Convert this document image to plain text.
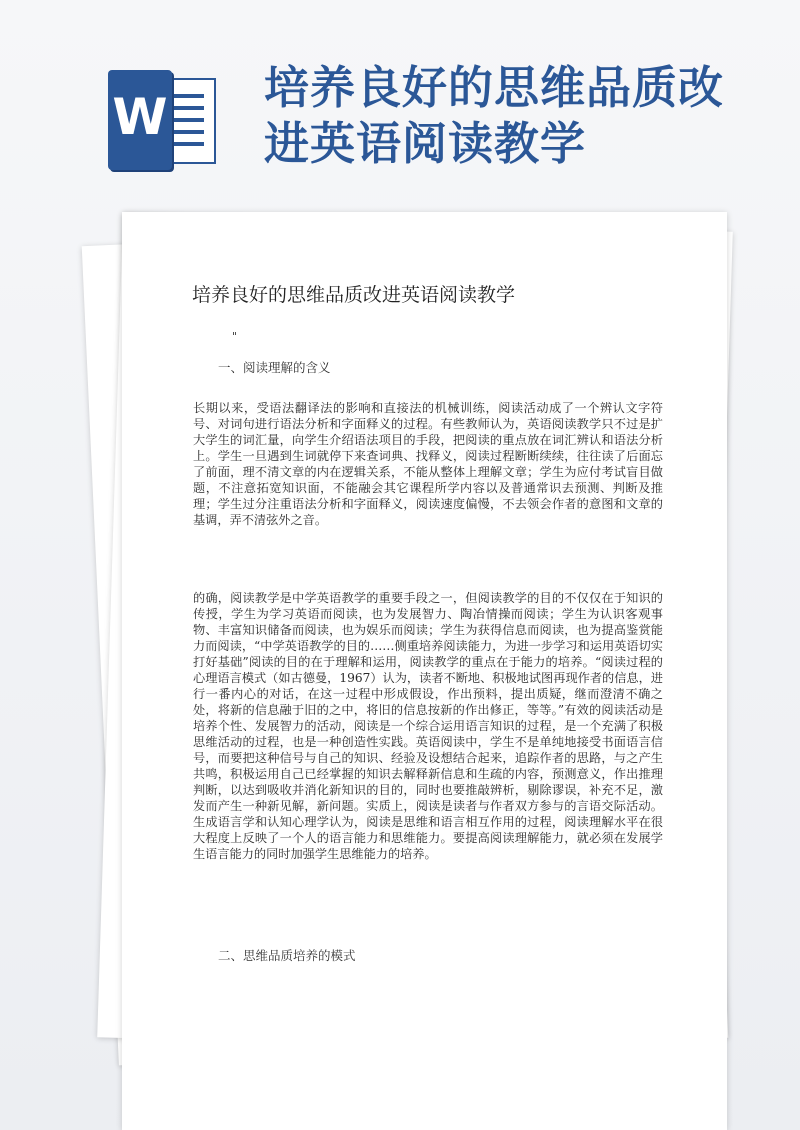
W
培养良好的思维品质改进英语阅读教学
培养良好的思维品质改进英语阅读教学
"
一、阅读理解的含义

长期以来，受语法翻译法的影响和直接法的机械训练，阅读活动成了一个辨认文字符号、对词句进行语法分析和字面释义的过程。有些教师认为，英语阅读教学只不过是扩大学生的词汇量，向学生介绍语法项目的手段，把阅读的重点放在词汇辨认和语法分析上。学生一旦遇到生词就停下来查词典、找释义，阅读过程断断续续，往往读了后面忘了前面，理不清文章的内在逻辑关系，不能从整体上理解文章；学生为应付考试盲目做题，不注意拓宽知识面，不能融会其它课程所学内容以及普通常识去预测、判断及推理；学生过分注重语法分析和字面释义，阅读速度偏慢，不去领会作者的意图和文章的基调，弄不清弦外之音。

的确，阅读教学是中学英语教学的重要手段之一，但阅读教学的目的不仅仅在于知识的传授，学生为学习英语而阅读，也为发展智力、陶冶情操而阅读；学生为认识客观事物、丰富知识储备而阅读，也为娱乐而阅读；学生为获得信息而阅读，也为提高鉴赏能力而阅读，“中学英语教学的目的……侧重培养阅读能力，为进一步学习和运用英语切实打好基础”阅读的目的在于理解和运用，阅读教学的重点在于能力的培养。“阅读过程的心理语言模式（如古德曼，1967）认为，读者不断地、积极地试图再现作者的信息，进行一番内心的对话，在这一过程中形成假设，作出预料，提出质疑，继而澄清不确之处，将新的信息融于旧的之中，将旧的信息按新的作出修正，等等。”有效的阅读活动是培养个性、发展智力的活动，阅读是一个综合运用语言知识的过程，是一个充满了积极思维活动的过程，也是一种创造性实践。英语阅读中，学生不是单纯地接受书面语言信号，而要把这种信号与自己的知识、经验及设想结合起来，追踪作者的思路，与之产生共鸣，积极运用自己已经掌握的知识去解释新信息和生疏的内容，预测意义，作出推理判断，以达到吸收并消化新知识的目的，同时也要推敲辨析，剔除谬误，补充不足，激发而产生一种新见解，新问题。实质上，阅读是读者与作者双方参与的言语交际活动。生成语言学和认知心理学认为，阅读是思维和语言相互作用的过程，阅读理解水平在很大程度上反映了一个人的语言能力和思维能力。要提高阅读理解能力，就必须在发展学生语言能力的同时加强学生思维能力的培养。

二、思维品质培养的模式
